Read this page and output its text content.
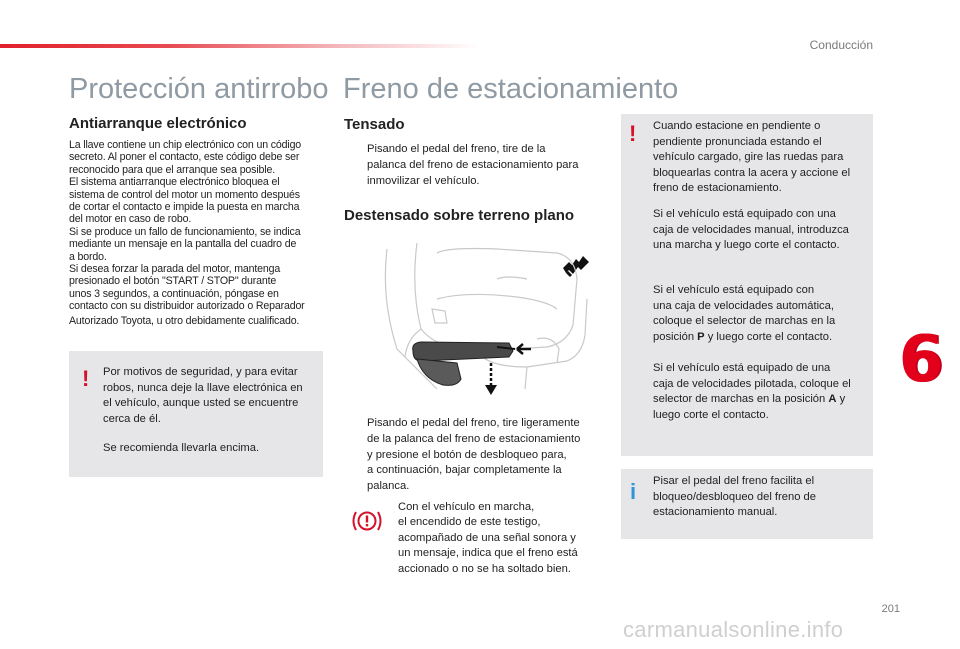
Conducción
Protección antirrobo Freno de estacionamiento
Antiarranque electrónico

La llave contiene un chip electrónico con un código

secreto. Al poner el contacto, este código debe ser

reconocido para que el arranque sea posible.

El sistema antiarranque electrónico bloquea el

sistema de control del motor un momento después

de cortar el contacto e impide la puesta en marcha

del motor en caso de robo.

Si se produce un fallo de funcionamiento, se indica

mediante un mensaje en la pantalla del cuadro de

a bordo.

Si desea forzar la parada del motor, mantenga

presionado el botón "START / STOP" durante

unos 3 segundos, a continuación, póngase en

contacto con su distribuidor autorizado o Reparador

Autorizado Toyota, u otro debidamente cualificado.

! Por motivos de seguridad, y para evitar

robos, nunca deje la llave electrónica en

el vehículo, aunque usted se encuentre

cerca de él.

Se recomienda llevarla encima.

Tensado
Pisando el pedal del freno, tire de la
palanca del freno de estacionamiento para
inmovilizar el vehículo.
Destensado sobre terreno plano
Pisando el pedal del freno, tire ligeramente
de la palanca del freno de estacionamiento
y presione el botón de desbloqueo para,
a continuación, bajar completamente la
palanca.

Con el vehículo en marcha,

el encendido de este testigo,

acompañado de una señal sonora y

un mensaje, indica que el freno está

accionado o no se ha soltado bien.

! Cuando estacione en pendiente o

pendiente pronunciada estando el

vehículo cargado, gire las ruedas para

bloquearlas contra la acera y accione el

freno de estacionamiento.

Si el vehículo está equipado con una

caja de velocidades manual, introduzca

una marcha y luego corte el contacto.

Si el vehículo está equipado con

una caja de velocidades automática,

coloque el selector de marchas en la

posición P y luego corte el contacto.

Si el vehículo está equipado de una

caja de velocidades pilotada, coloque el

selector de marchas en la posición A y

luego corte el contacto.

i Pisar el pedal del freno facilita el

bloqueo/desbloqueo del freno de

estacionamiento manual.

6
201
carmanualsonline.info
